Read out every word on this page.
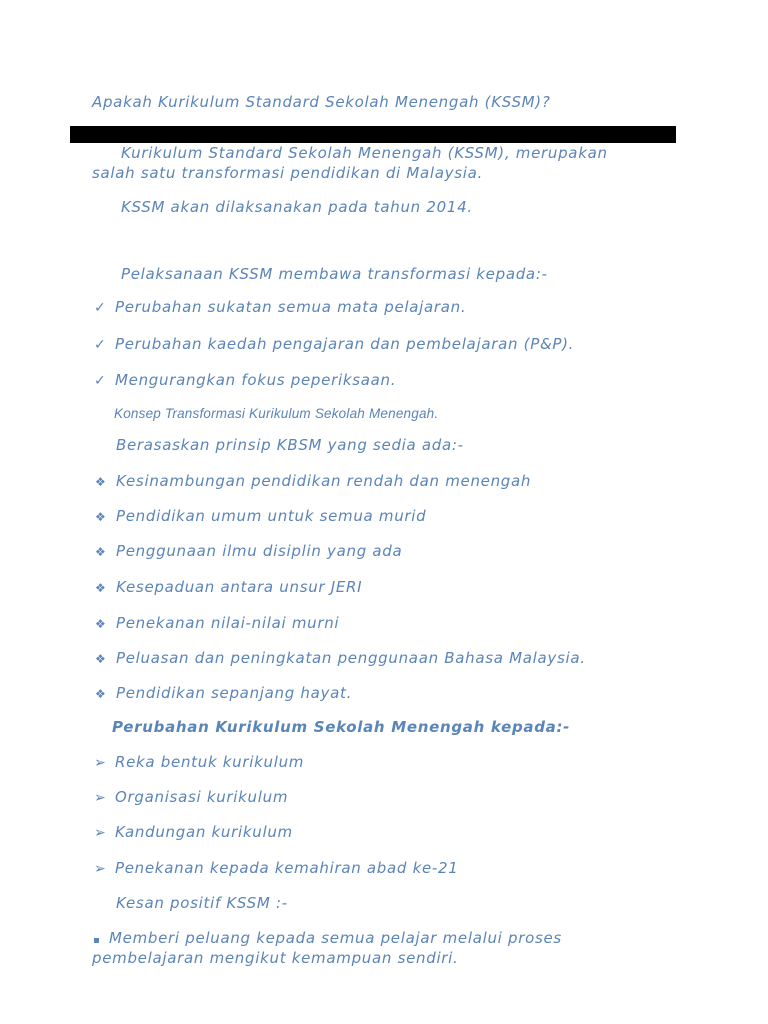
Apakah Kurikulum Standard Sekolah Menengah (KSSM)?
Kurikulum Standard Sekolah Menengah (KSSM), merupakan
salah satu transformasi pendidikan di Malaysia.
KSSM akan dilaksanakan pada tahun 2014.
Pelaksanaan KSSM membawa transformasi kepada:-
✓ Perubahan sukatan semua mata pelajaran.
✓ Perubahan kaedah pengajaran dan pembelajaran (P&P).
✓ Mengurangkan fokus peperiksaan.
Konsep Transformasi Kurikulum Sekolah Menengah.
Berasaskan prinsip KBSM yang sedia ada:-
❖ Kesinambungan pendidikan rendah dan menengah
❖ Pendidikan umum untuk semua murid
❖ Penggunaan ilmu disiplin yang ada
❖ Kesepaduan antara unsur JERI
❖ Penekanan nilai-nilai murni
❖ Peluasan dan peningkatan penggunaan Bahasa Malaysia.
❖ Pendidikan sepanjang hayat.
Perubahan Kurikulum Sekolah Menengah kepada:-
➢ Reka bentuk kurikulum
➢ Organisasi kurikulum
➢ Kandungan kurikulum
➢ Penekanan kepada kemahiran abad ke-21
Kesan positif KSSM :-
▪ Memberi peluang kepada semua pelajar melalui proses
pembelajaran mengikut kemampuan sendiri.
